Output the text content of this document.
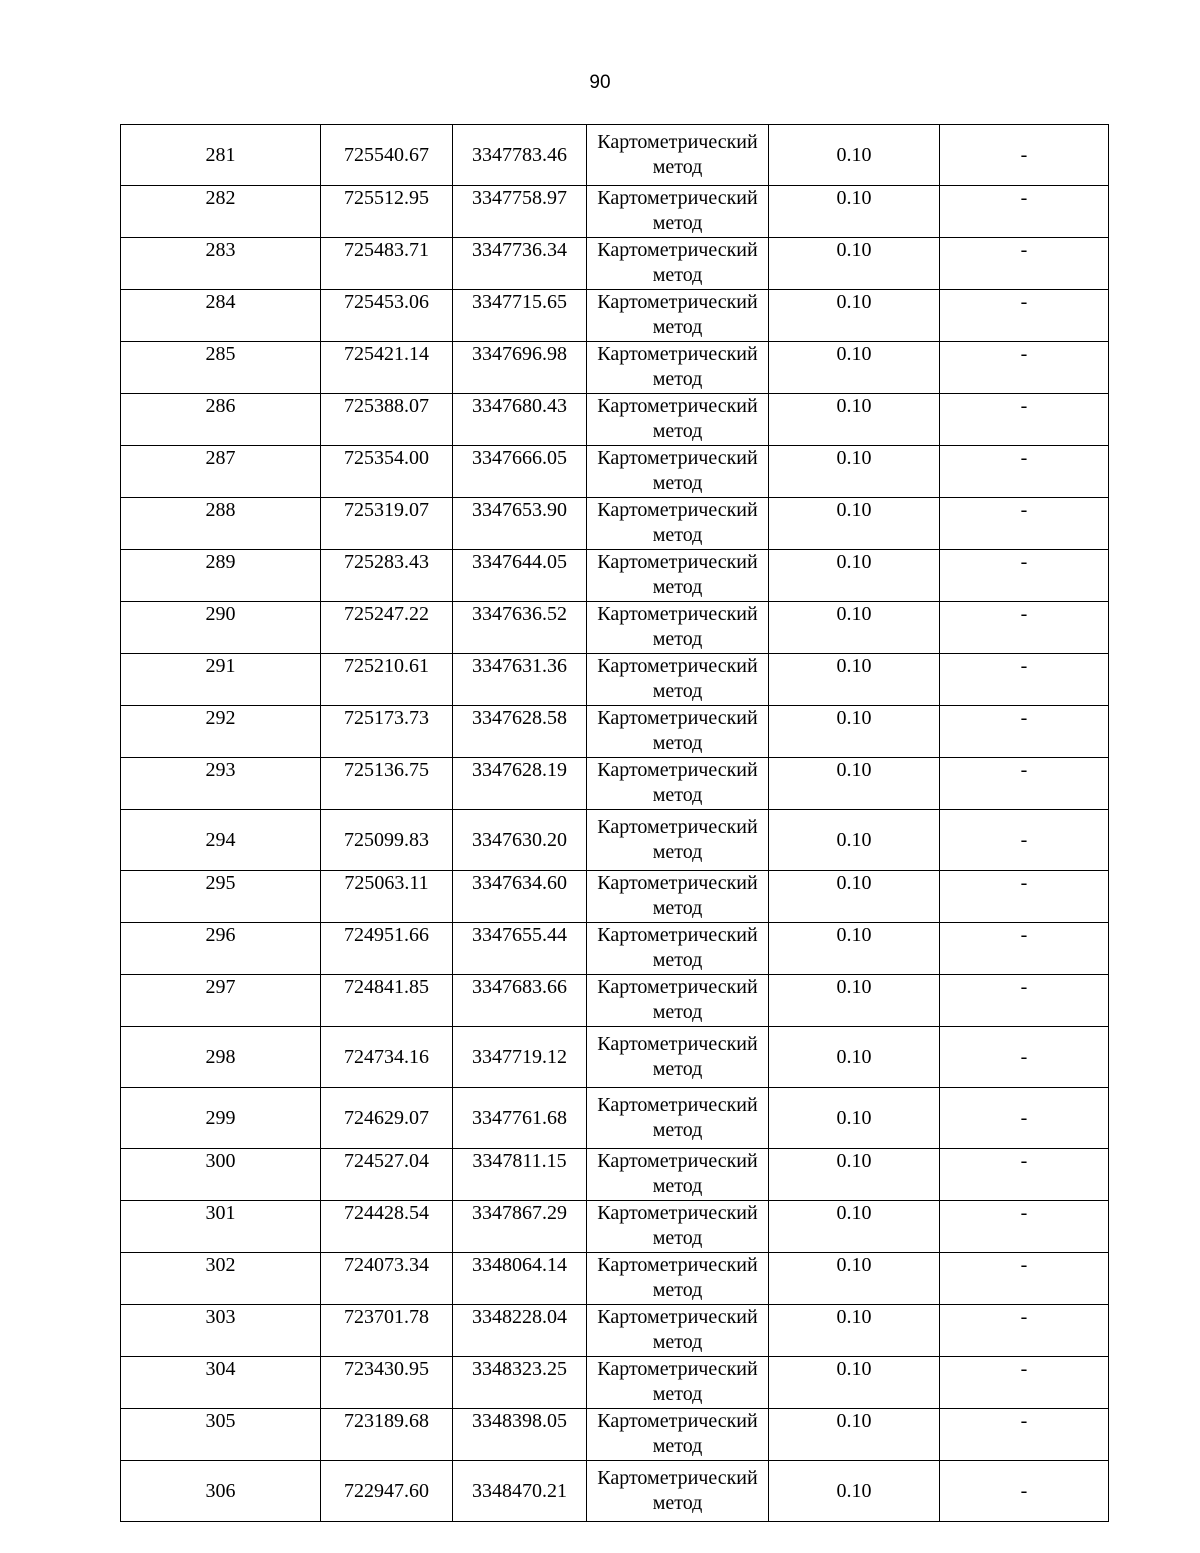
90
281	725540.67	3347783.46	Картометрический метод	0.10	-
282	725512.95	3347758.97	Картометрический метод	0.10	-
283	725483.71	3347736.34	Картометрический метод	0.10	-
284	725453.06	3347715.65	Картометрический метод	0.10	-
285	725421.14	3347696.98	Картометрический метод	0.10	-
286	725388.07	3347680.43	Картометрический метод	0.10	-
287	725354.00	3347666.05	Картометрический метод	0.10	-
288	725319.07	3347653.90	Картометрический метод	0.10	-
289	725283.43	3347644.05	Картометрический метод	0.10	-
290	725247.22	3347636.52	Картометрический метод	0.10	-
291	725210.61	3347631.36	Картометрический метод	0.10	-
292	725173.73	3347628.58	Картометрический метод	0.10	-
293	725136.75	3347628.19	Картометрический метод	0.10	-
294	725099.83	3347630.20	Картометрический метод	0.10	-
295	725063.11	3347634.60	Картометрический метод	0.10	-
296	724951.66	3347655.44	Картометрический метод	0.10	-
297	724841.85	3347683.66	Картометрический метод	0.10	-
298	724734.16	3347719.12	Картометрический метод	0.10	-
299	724629.07	3347761.68	Картометрический метод	0.10	-
300	724527.04	3347811.15	Картометрический метод	0.10	-
301	724428.54	3347867.29	Картометрический метод	0.10	-
302	724073.34	3348064.14	Картометрический метод	0.10	-
303	723701.78	3348228.04	Картометрический метод	0.10	-
304	723430.95	3348323.25	Картометрический метод	0.10	-
305	723189.68	3348398.05	Картометрический метод	0.10	-
306	722947.60	3348470.21	Картометрический метод	0.10	-
